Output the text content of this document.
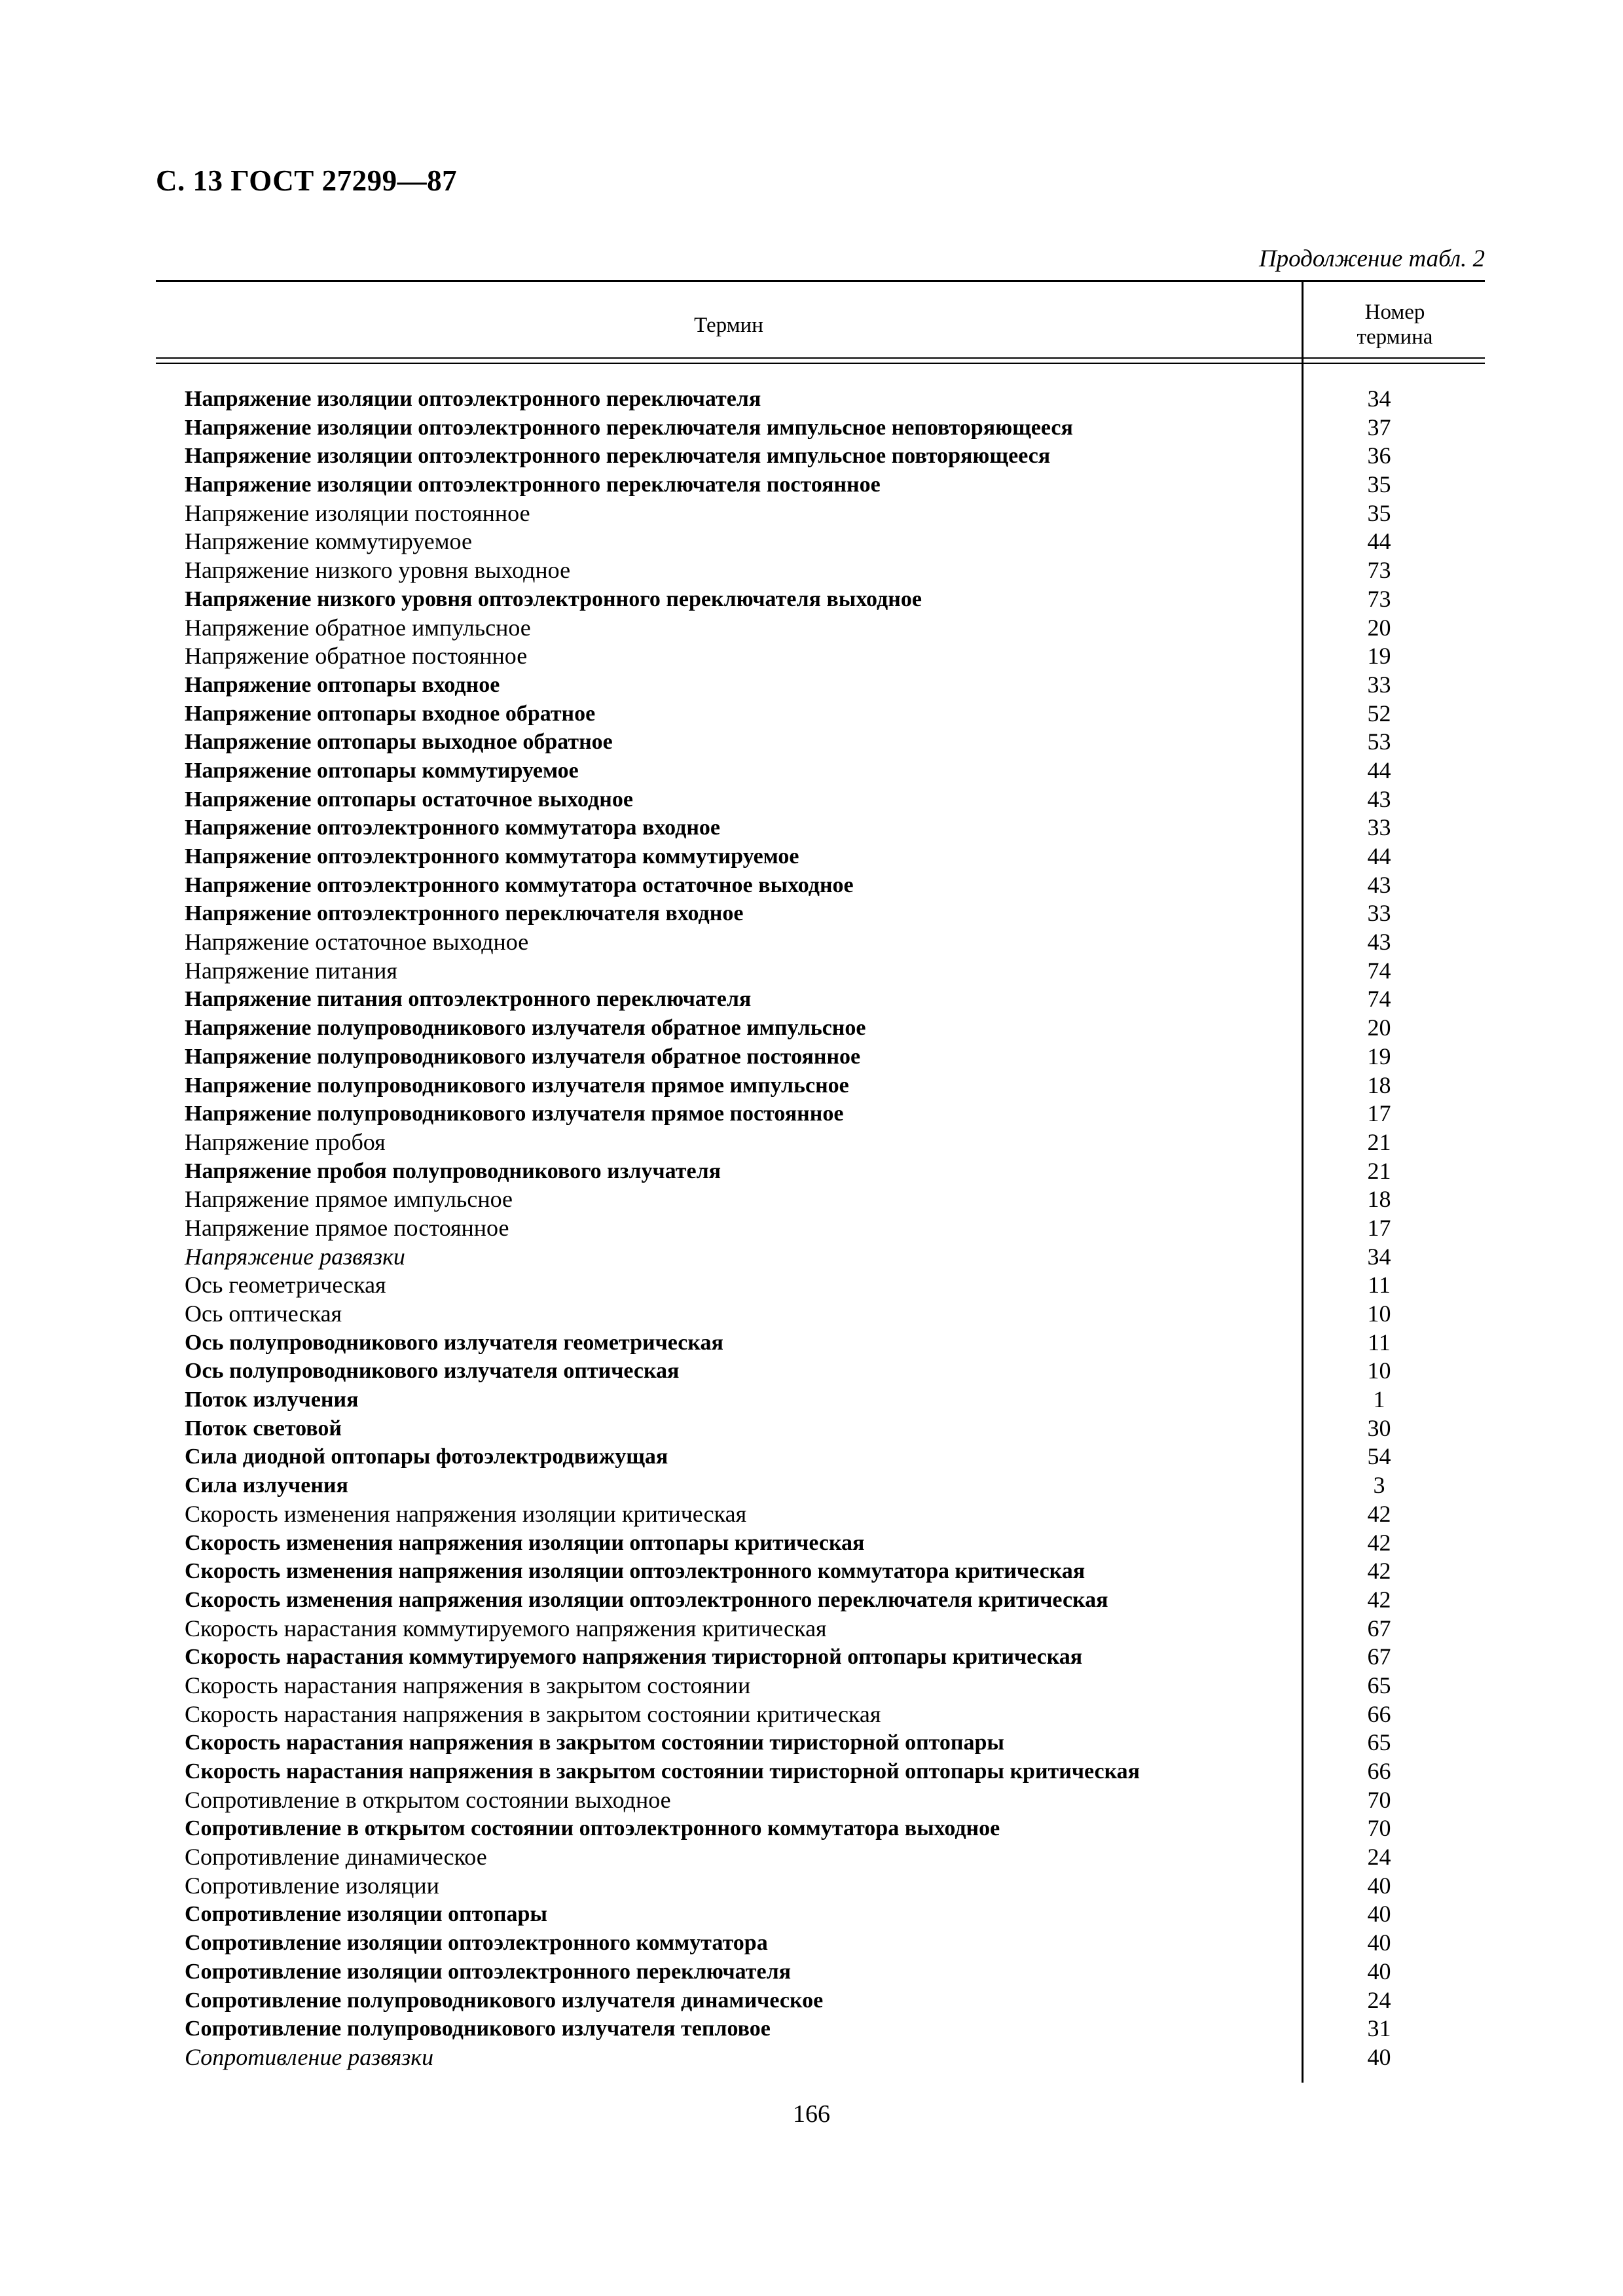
С. 13 ГОСТ 27299—87
Продолжение табл. 2
Термин
Номер
термина
Напряжение изоляции оптоэлектронного переключателя	34
Напряжение изоляции оптоэлектронного переключателя импульсное неповторяющееся	37
Напряжение изоляции оптоэлектронного переключателя импульсное повторяющееся	36
Напряжение изоляции оптоэлектронного переключателя постоянное	35
Напряжение изоляции постоянное	35
Напряжение коммутируемое	44
Напряжение низкого уровня выходное	73
Напряжение низкого уровня оптоэлектронного переключателя выходное	73
Напряжение обратное импульсное	20
Напряжение обратное постоянное	19
Напряжение оптопары входное	33
Напряжение оптопары входное обратное	52
Напряжение оптопары выходное обратное	53
Напряжение оптопары коммутируемое	44
Напряжение оптопары остаточное выходное	43
Напряжение оптоэлектронного коммутатора входное	33
Напряжение оптоэлектронного коммутатора коммутируемое	44
Напряжение оптоэлектронного коммутатора остаточное выходное	43
Напряжение оптоэлектронного переключателя входное	33
Напряжение остаточное выходное	43
Напряжение питания	74
Напряжение питания оптоэлектронного переключателя	74
Напряжение полупроводникового излучателя обратное импульсное	20
Напряжение полупроводникового излучателя обратное постоянное	19
Напряжение полупроводникового излучателя прямое импульсное	18
Напряжение полупроводникового излучателя прямое постоянное	17
Напряжение пробоя	21
Напряжение пробоя полупроводникового излучателя	21
Напряжение прямое импульсное	18
Напряжение прямое постоянное	17
Напряжение развязки	34
Ось геометрическая	11
Ось оптическая	10
Ось полупроводникового излучателя геометрическая	11
Ось полупроводникового излучателя оптическая	10
Поток излучения	1
Поток световой	30
Сила диодной оптопары фотоэлектродвижущая	54
Сила излучения	3
Скорость изменения напряжения изоляции критическая	42
Скорость изменения напряжения изоляции оптопары критическая	42
Скорость изменения напряжения изоляции оптоэлектронного коммутатора критическая	42
Скорость изменения напряжения изоляции оптоэлектронного переключателя критическая	42
Скорость нарастания коммутируемого напряжения критическая	67
Скорость нарастания коммутируемого напряжения тиристорной оптопары критическая	67
Скорость нарастания напряжения в закрытом состоянии	65
Скорость нарастания напряжения в закрытом состоянии критическая	66
Скорость нарастания напряжения в закрытом состоянии тиристорной оптопары	65
Скорость нарастания напряжения в закрытом состоянии тиристорной оптопары критическая	66
Сопротивление в открытом состоянии выходное	70
Сопротивление в открытом состоянии оптоэлектронного коммутатора выходное	70
Сопротивление динамическое	24
Сопротивление изоляции	40
Сопротивление изоляции оптопары	40
Сопротивление изоляции оптоэлектронного коммутатора	40
Сопротивление изоляции оптоэлектронного переключателя	40
Сопротивление полупроводникового излучателя динамическое	24
Сопротивление полупроводникового излучателя тепловое	31
Сопротивление развязки	40
166
